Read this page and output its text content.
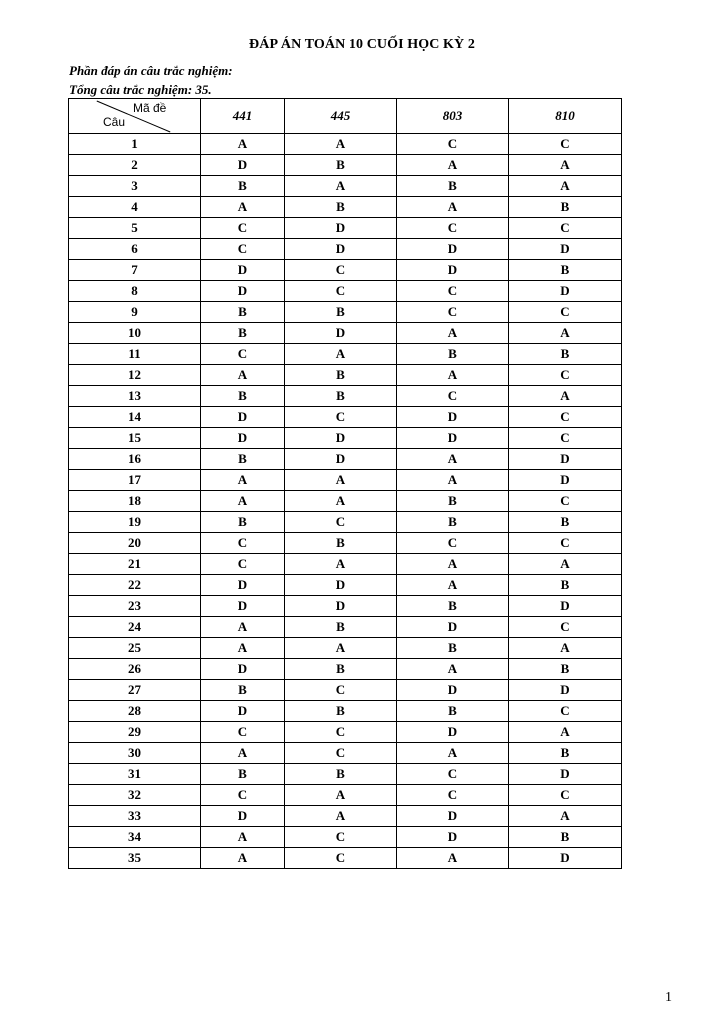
ĐÁP ÁN TOÁN 10 CUỐI HỌC KỲ 2
Phần đáp án câu trắc nghiệm:
Tổng câu trắc nghiệm: 35.
Mã đề
Câu	441	445	803	810
1	A	A	C	C
2	D	B	A	A
3	B	A	B	A
4	A	B	A	B
5	C	D	C	C
6	C	D	D	D
7	D	C	D	B
8	D	C	C	D
9	B	B	C	C
10	B	D	A	A
11	C	A	B	B
12	A	B	A	C
13	B	B	C	A
14	D	C	D	C
15	D	D	D	C
16	B	D	A	D
17	A	A	A	D
18	A	A	B	C
19	B	C	B	B
20	C	B	C	C
21	C	A	A	A
22	D	D	A	B
23	D	D	B	D
24	A	B	D	C
25	A	A	B	A
26	D	B	A	B
27	B	C	D	D
28	D	B	B	C
29	C	C	D	A
30	A	C	A	B
31	B	B	C	D
32	C	A	C	C
33	D	A	D	A
34	A	C	D	B
35	A	C	A	D
1
